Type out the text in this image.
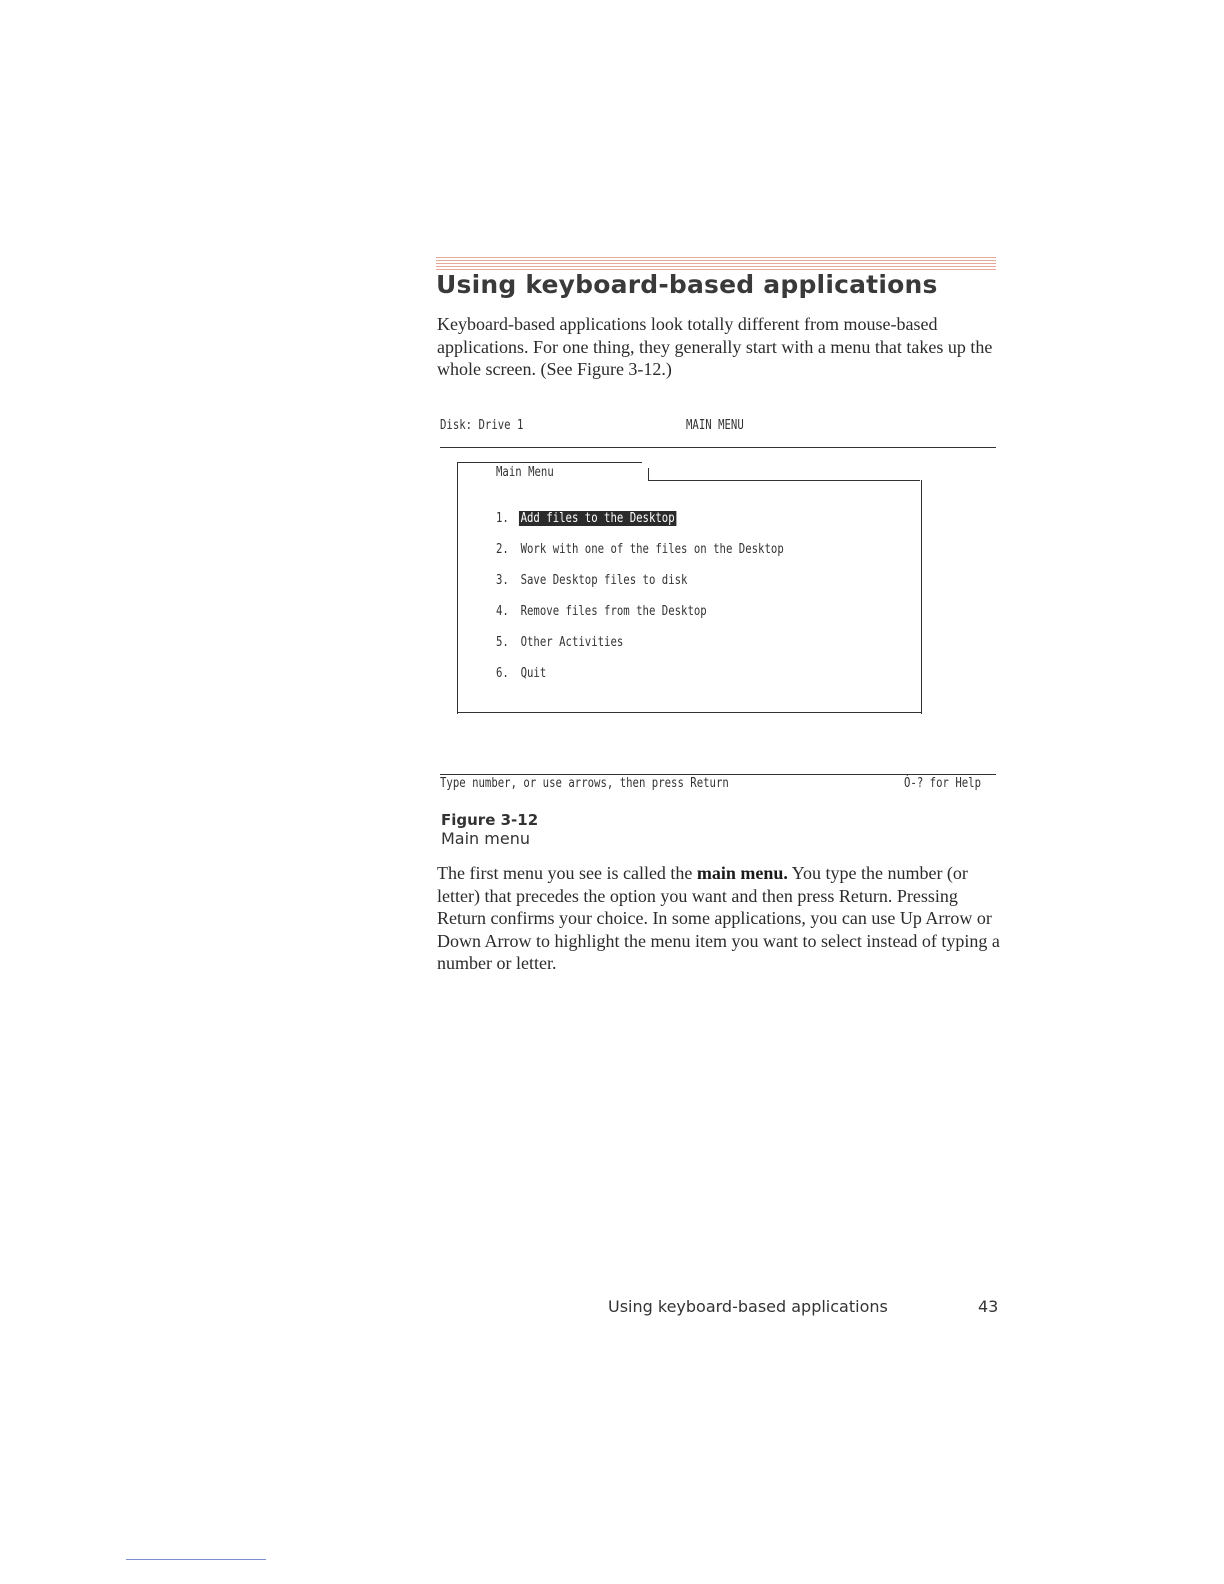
Using keyboard-based applications

Keyboard-based applications look totally different from mouse-based applications. For one thing, they generally start with a menu that takes up the whole screen. (See Figure 3-12.)

Disk: Drive 1	MAIN MENU
Main Menu
1. Add files to the Desktop
2. Work with one of the files on the Desktop
3. Save Desktop files to disk
4. Remove files from the Desktop
5. Other Activities
6. Quit
Type number, or use arrows, then press Return	Ó-? for Help

Figure 3-12

Main menu

The first menu you see is called the main menu. You type the number (or letter) that precedes the option you want and then press Return. Pressing Return confirms your choice. In some applications, you can use Up Arrow or Down Arrow to highlight the menu item you want to select instead of typing a number or letter.

Using keyboard-based applications	43
